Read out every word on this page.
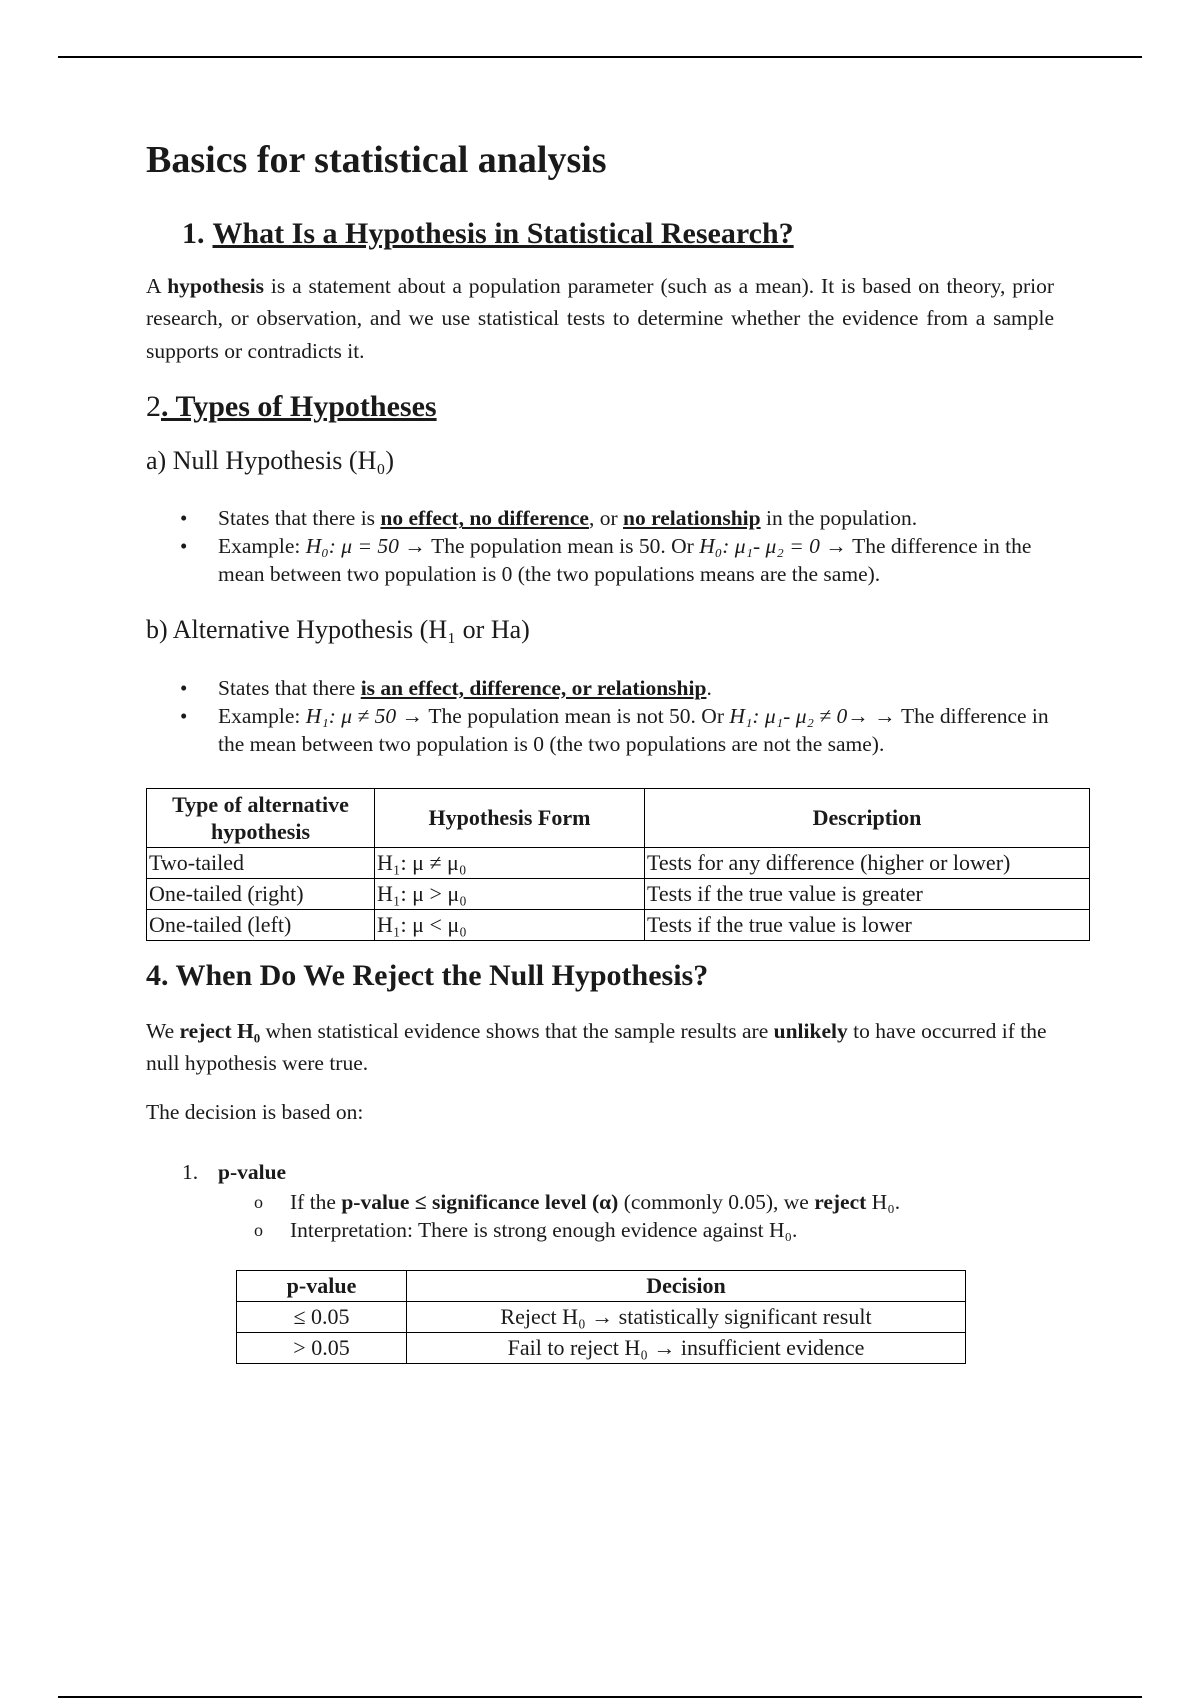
Basics for statistical analysis
1. What Is a Hypothesis in Statistical Research?

A hypothesis is a statement about a population parameter (such as a mean). It is based on theory, prior research, or observation, and we use statistical tests to determine whether the evidence from a sample supports or contradicts it.

2. Types of Hypotheses
a) Null Hypothesis (H₀)
• States that there is no effect, no difference, or no relationship in the population.
• Example: H₀: μ = 50 → The population mean is 50. Or H₀: μ₁- μ₂ = 0 → The difference in the mean between two population is 0 (the two populations means are the same).
b) Alternative Hypothesis (H₁ or Ha)
• States that there is an effect, difference, or relationship.
• Example: H₁: μ ≠ 50 → The population mean is not 50. Or H₁: μ₁- μ₂ ≠ 0→ → The difference in the mean between two population is 0 (the two populations are not the same).
Type of alternative hypothesis	Hypothesis Form	Description
Two-tailed	H₁: μ ≠ μ₀	Tests for any difference (higher or lower)
One-tailed (right)	H₁: μ > μ₀	Tests if the true value is greater
One-tailed (left)	H₁: μ < μ₀	Tests if the true value is lower
4. When Do We Reject the Null Hypothesis?

We reject H₀ when statistical evidence shows that the sample results are unlikely to have occurred if the null hypothesis were true.

The decision is based on:

1. p-value
o If the p-value ≤ significance level (α) (commonly 0.05), we reject H₀.
o Interpretation: There is strong enough evidence against H₀.
p-value	Decision
≤ 0.05	Reject H₀ → statistically significant result
> 0.05	Fail to reject H₀ → insufficient evidence
